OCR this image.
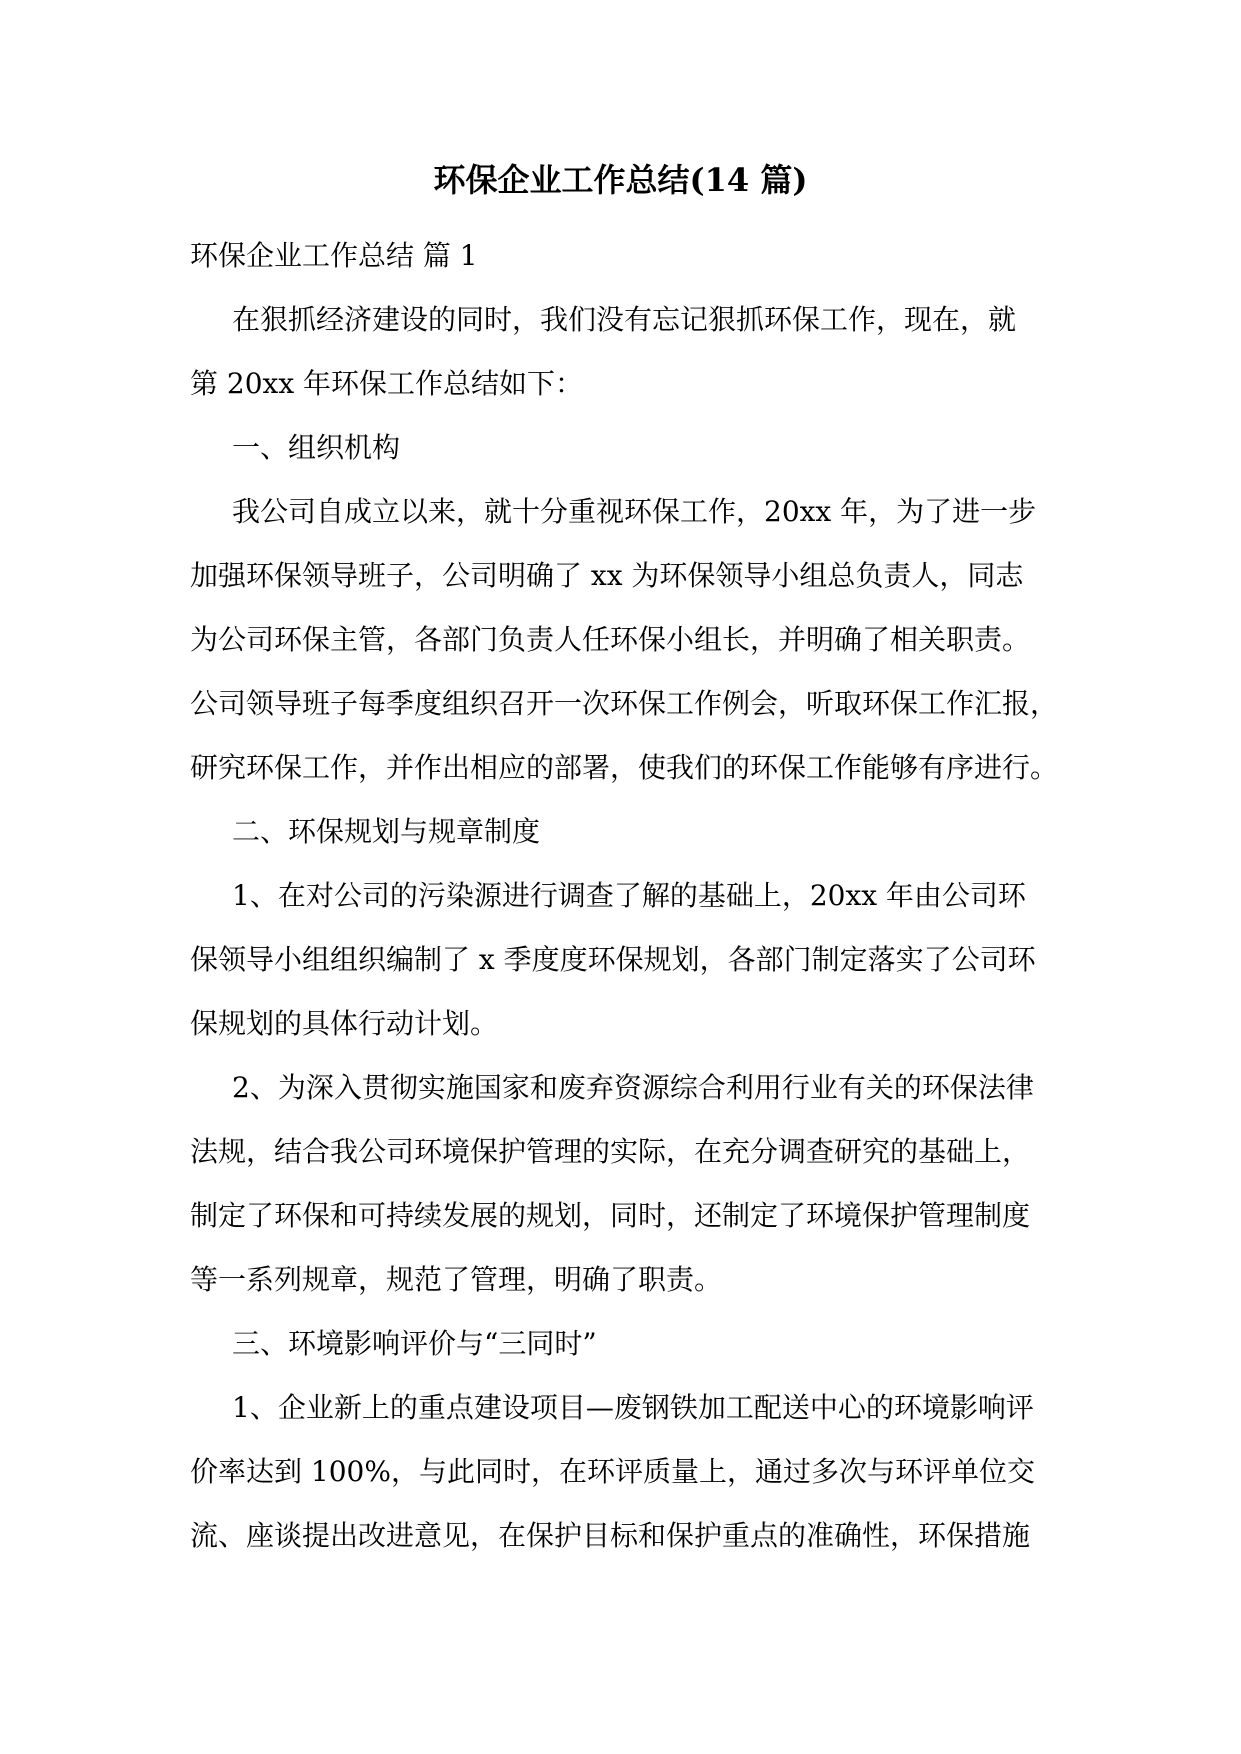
环保企业工作总结(14 篇)
环保企业工作总结 篇 1
在狠抓经济建设的同时，我们没有忘记狠抓环保工作，现在，就
第 20xx 年环保工作总结如下：
一、组织机构
我公司自成立以来，就十分重视环保工作，20xx 年，为了进一步
加强环保领导班子，公司明确了 xx 为环保领导小组总负责人，同志
为公司环保主管，各部门负责人任环保小组长，并明确了相关职责。
公司领导班子每季度组织召开一次环保工作例会，听取环保工作汇报，
研究环保工作，并作出相应的部署，使我们的环保工作能够有序进行。
二、环保规划与规章制度
1、在对公司的污染源进行调查了解的基础上，20xx 年由公司环
保领导小组组织编制了 x 季度度环保规划，各部门制定落实了公司环
保规划的具体行动计划。
2、为深入贯彻实施国家和废弃资源综合利用行业有关的环保法律
法规，结合我公司环境保护管理的实际，在充分调查研究的基础上，
制定了环保和可持续发展的规划，同时，还制定了环境保护管理制度
等一系列规章，规范了管理，明确了职责。
三、环境影响评价与“三同时”
1、企业新上的重点建设项目—废钢铁加工配送中心的环境影响评
价率达到 100%，与此同时，在环评质量上，通过多次与环评单位交
流、座谈提出改进意见，在保护目标和保护重点的准确性，环保措施
